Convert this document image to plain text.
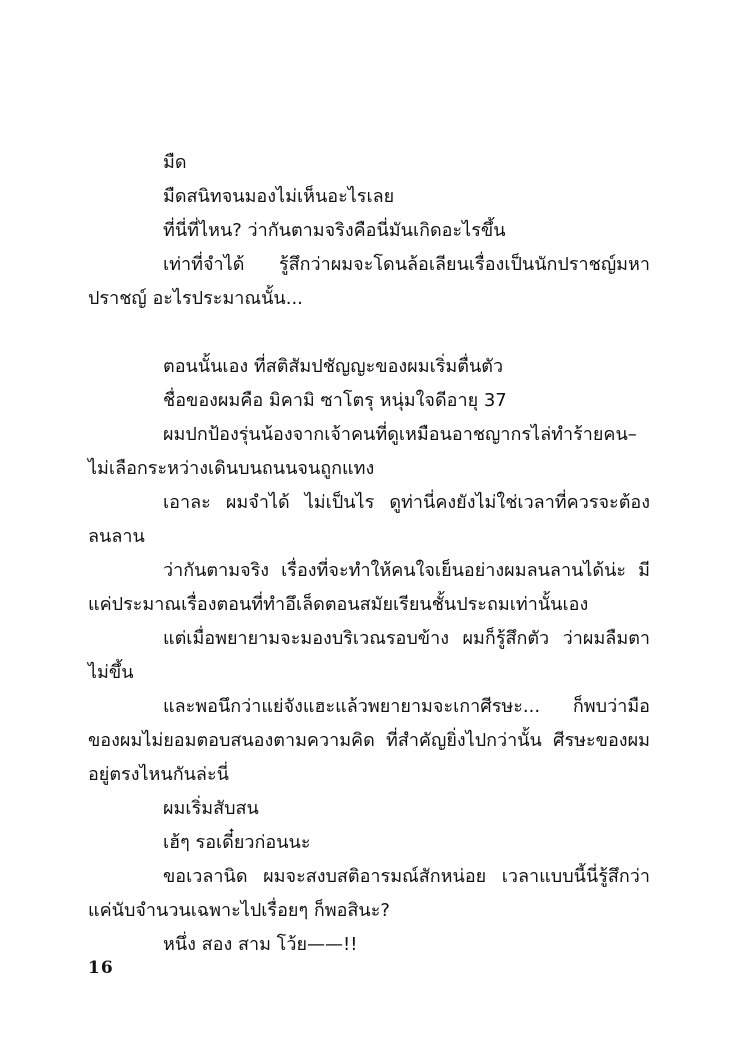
มืด

มืดสนิทจนมองไม่เห็นอะไรเลย

ที่นี่ที่ไหน? ว่ากันตามจริงคือนี่มันเกิดอะไรขึ้น

เท่าที่จำได้ รู้สึกว่าผมจะโดนล้อเลียนเรื่องเป็นนักปราชญ์มหาปราชญ์ อะไรประมาณนั้น...

ตอนนั้นเอง ที่สติสัมปชัญญะของผมเริ่มตื่นตัว

ชื่อของผมคือ มิคามิ ซาโตรุ หนุ่มใจดีอายุ 37

ผมปกป้องรุ่นน้องจากเจ้าคนที่ดูเหมือนอาชญากรไล่ทำร้ายคน–ไม่เลือกระหว่างเดินบนถนนจนถูกแทง

เอาละ ผมจำได้ ไม่เป็นไร ดูท่านี่คงยังไม่ใช่เวลาที่ควรจะต้องลนลาน

ว่ากันตามจริง เรื่องที่จะทำให้คนใจเย็นอย่างผมลนลานได้น่ะ มีแค่ประมาณเรื่องตอนที่ทำอึเล็ดตอนสมัยเรียนชั้นประถมเท่านั้นเอง

แต่เมื่อพยายามจะมองบริเวณรอบข้าง ผมก็รู้สึกตัว ว่าผมลืมตาไม่ขึ้น

และพอนึกว่าแย่จังแฮะแล้วพยายามจะเกาศีรษะ... ก็พบว่ามือของผมไม่ยอมตอบสนองตามความคิด ที่สำคัญยิ่งไปกว่านั้น ศีรษะของผมอยู่ตรงไหนกันล่ะนี่

ผมเริ่มสับสน

เฮ้ๆ รอเดี๋ยวก่อนนะ

ขอเวลานิด ผมจะสงบสติอารมณ์สักหน่อย เวลาแบบนี้นี่รู้สึกว่าแค่นับจำนวนเฉพาะไปเรื่อยๆ ก็พอสินะ?

หนึ่ง สอง สาม โว้ย——!!

16
